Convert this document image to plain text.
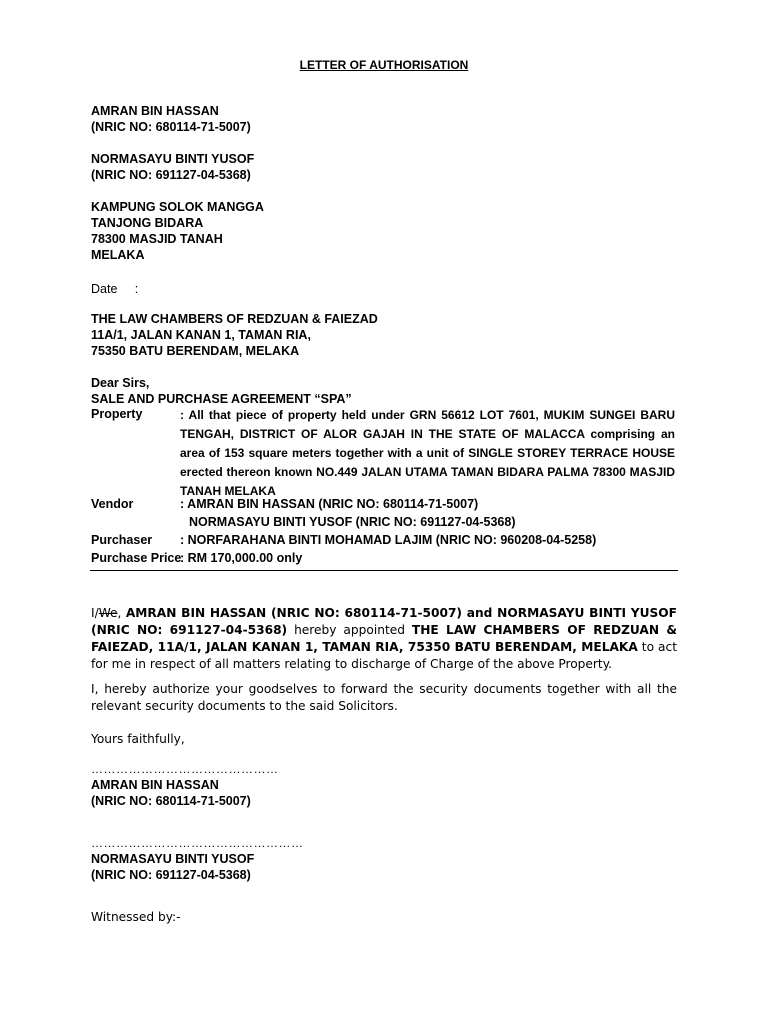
LETTER OF AUTHORISATION
AMRAN BIN HASSAN
(NRIC NO: 680114-71-5007)
NORMASAYU BINTI YUSOF
(NRIC NO: 691127-04-5368)
KAMPUNG SOLOK MANGGA
TANJONG BIDARA
78300 MASJID TANAH
MELAKA
Date     :
THE LAW CHAMBERS OF REDZUAN & FAIEZAD
11A/1, JALAN KANAN 1, TAMAN RIA,
75350 BATU BERENDAM, MELAKA
Dear Sirs,
SALE AND PURCHASE AGREEMENT “SPA”
Property	: All that piece of property held under GRN 56612 LOT 7601, MUKIM SUNGEI BARU TENGAH, DISTRICT OF ALOR GAJAH IN THE STATE OF MALACCA comprising an area of 153 square meters together with a unit of SINGLE STOREY TERRACE HOUSE erected thereon known NO.449 JALAN UTAMA TAMAN BIDARA PALMA 78300 MASJID TANAH MELAKA
Vendor	: AMRAN BIN HASSAN (NRIC NO: 680114-71-5007)
NORMASAYU BINTI YUSOF (NRIC NO: 691127-04-5368)
Purchaser : NORFARAHANA BINTI MOHAMAD LAJIM (NRIC NO: 960208-04-5258)
Purchase Price
: RM 170,000.00 only
I/We, AMRAN BIN HASSAN (NRIC NO: 680114-71-5007) and NORMASAYU BINTI YUSOF (NRIC NO: 691127-04-5368) hereby appointed THE LAW CHAMBERS OF REDZUAN & FAIEZAD, 11A/1, JALAN KANAN 1, TAMAN RIA, 75350 BATU BERENDAM, MELAKA to act for me in respect of all matters relating to discharge of Charge of the above Property.
I, hereby authorize your goodselves to forward the security documents together with all the relevant security documents to the said Solicitors.
Yours faithfully,
………………………………………
AMRAN BIN HASSAN
(NRIC NO: 680114-71-5007)
……………………………………………
NORMASAYU BINTI YUSOF
(NRIC NO: 691127-04-5368)
Witnessed by:-
